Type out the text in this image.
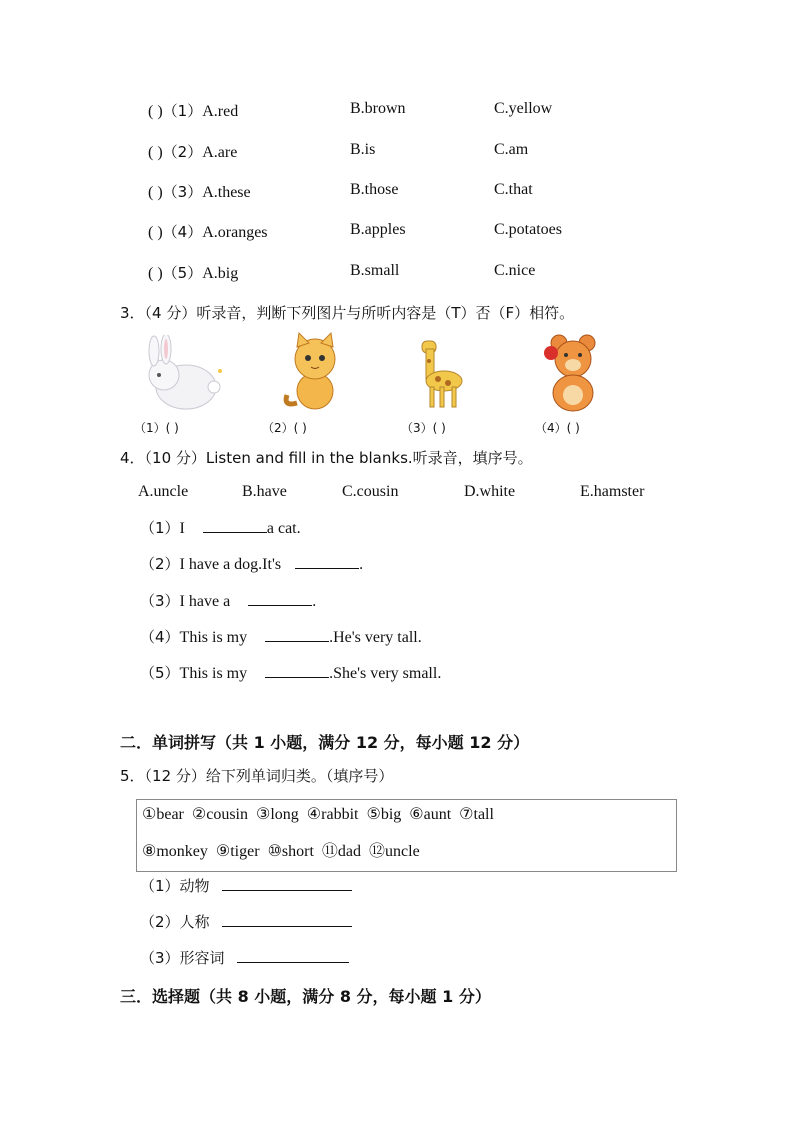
( )（1）A.red	B.brown	C.yellow
( )（2）A.are	B.is	C.am
( )（3）A.these	B.those	C.that
( )（4）A.oranges	B.apples	C.potatoes
( )（5）A.big	B.small	C.nice
3．（4 分）听录音，判断下列图片与所听内容是（T）否（F）相符。
（1）( )	（2）( )	（3）( )	（4）( )
4．（10 分）Listen and fill in the blanks.听录音，填序号。
A.uncle	B.have	C.cousin	D.white	E.hamster
（1）I	a cat.
（2）I have a dog.It's	.
（3）I have a	.
（4）This is my	.He's very tall.
（5）This is my	.She's very small.
二．单词拼写（共 1 小题，满分 12 分，每小题 12 分）
5．（12 分）给下列单词归类。（填序号）
①bear ②cousin ③long ④rabbit ⑤big ⑥aunt ⑦tall
⑧monkey ⑨tiger ⑩short ⑪dad ⑫uncle
（1）动物
（2）人称
（3）形容词
三．选择题（共 8 小题，满分 8 分，每小题 1 分）
